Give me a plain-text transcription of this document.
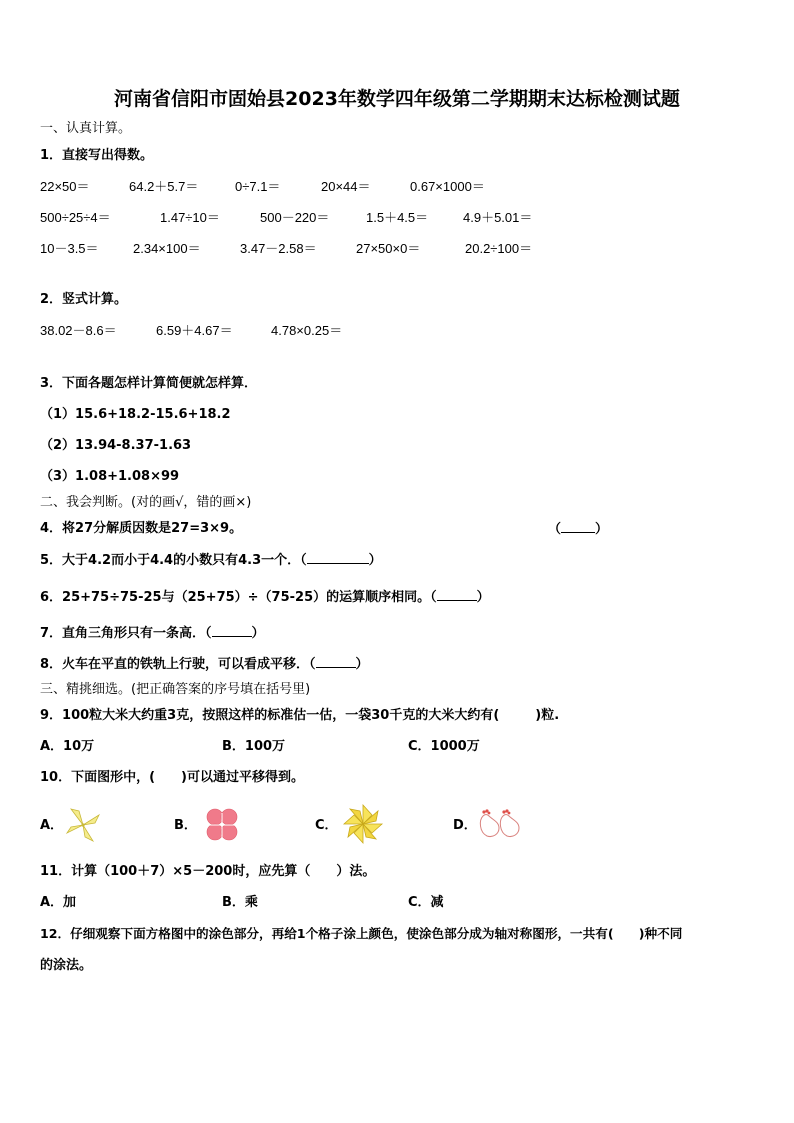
河南省信阳市固始县2023年数学四年级第二学期期末达标检测试题
一、认真计算。
1．直接写出得数。
22×50＝	64.2＋5.7＝	0÷7.1＝	20×44＝	0.67×1000＝
500÷25÷4＝	1.47÷10＝	500－220＝	1.5＋4.5＝	4.9＋5.01＝
10－3.5＝	2.34×100＝	3.47－2.58＝	27×50×0＝	20.2÷100＝
2．竖式计算。
38.02－8.6＝	6.59＋4.67＝	4.78×0.25＝
3．下面各题怎样计算简便就怎样算．
（1）15.6+18.2-15.6+18.2
（2）13.94-8.37-1.63
（3）1.08+1.08×99
二、我会判断。(对的画√，错的画×)
4．将27分解质因数是27=3×9。	（	）
5．大于4.2而小于4.4的小数只有4.3一个．（	）
6．25+75÷75-25与（25+75）÷（75-25）的运算顺序相同。（	）
7．直角三角形只有一条高．（	）
8．火车在平直的铁轨上行驶，可以看成平移．（	）
三、精挑细选。(把正确答案的序号填在括号里)
9．100粒大米大约重3克，按照这样的标准估一估，一袋30千克的大米大约有(	)粒.
A．10万	B．100万	C．1000万
10．下面图形中，(　　)可以通过平移得到。
A．	B．	C．	D．
11．计算（100＋7）×5－200时，应先算（　　）法。
A．加	B．乘	C．减
12．仔细观察下面方格图中的涂色部分，再给1个格子涂上颜色，使涂色部分成为轴对称图形，一共有(　　)种不同
的涂法。
